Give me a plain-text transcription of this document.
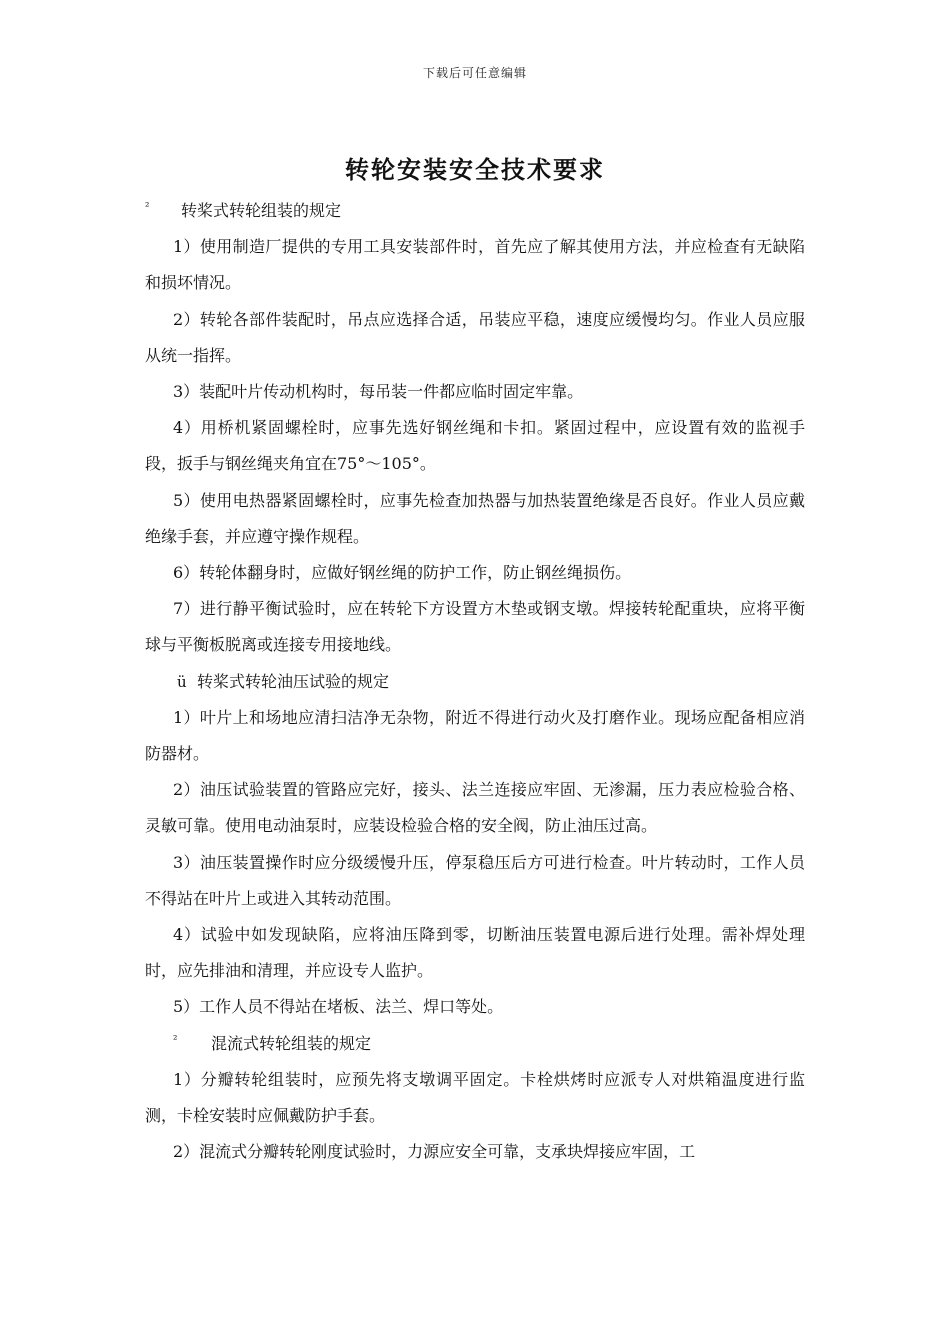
下载后可任意编辑
转轮安装安全技术要求
² 转桨式转轮组装的规定

1）使用制造厂提供的专用工具安装部件时，首先应了解其使用方法，并应检查有无缺陷和损坏情况。

2）转轮各部件装配时，吊点应选择合适，吊装应平稳，速度应缓慢均匀。作业人员应服从统一指挥。

3）装配叶片传动机构时，每吊装一件都应临时固定牢靠。

4）用桥机紧固螺栓时，应事先选好钢丝绳和卡扣。紧固过程中，应设置有效的监视手段，扳手与钢丝绳夹角宜在75°～105°。

5）使用电热器紧固螺栓时，应事先检查加热器与加热装置绝缘是否良好。作业人员应戴绝缘手套，并应遵守操作规程。

6）转轮体翻身时，应做好钢丝绳的防护工作，防止钢丝绳损伤。

7）进行静平衡试验时，应在转轮下方设置方木垫或钢支墩。焊接转轮配重块，应将平衡球与平衡板脱离或连接专用接地线。

ü 转桨式转轮油压试验的规定

1）叶片上和场地应清扫洁净无杂物，附近不得进行动火及打磨作业。现场应配备相应消防器材。

2）油压试验装置的管路应完好，接头、法兰连接应牢固、无渗漏，压力表应检验合格、灵敏可靠。使用电动油泵时，应装设检验合格的安全阀，防止油压过高。

3）油压装置操作时应分级缓慢升压，停泵稳压后方可进行检查。叶片转动时，工作人员不得站在叶片上或进入其转动范围。

4）试验中如发现缺陷，应将油压降到零，切断油压装置电源后进行处理。需补焊处理时，应先排油和清理，并应设专人监护。

5）工作人员不得站在堵板、法兰、焊口等处。

² 混流式转轮组装的规定

1）分瓣转轮组装时，应预先将支墩调平固定。卡栓烘烤时应派专人对烘箱温度进行监测，卡栓安装时应佩戴防护手套。

2）混流式分瓣转轮刚度试验时，力源应安全可靠，支承块焊接应牢固，工
